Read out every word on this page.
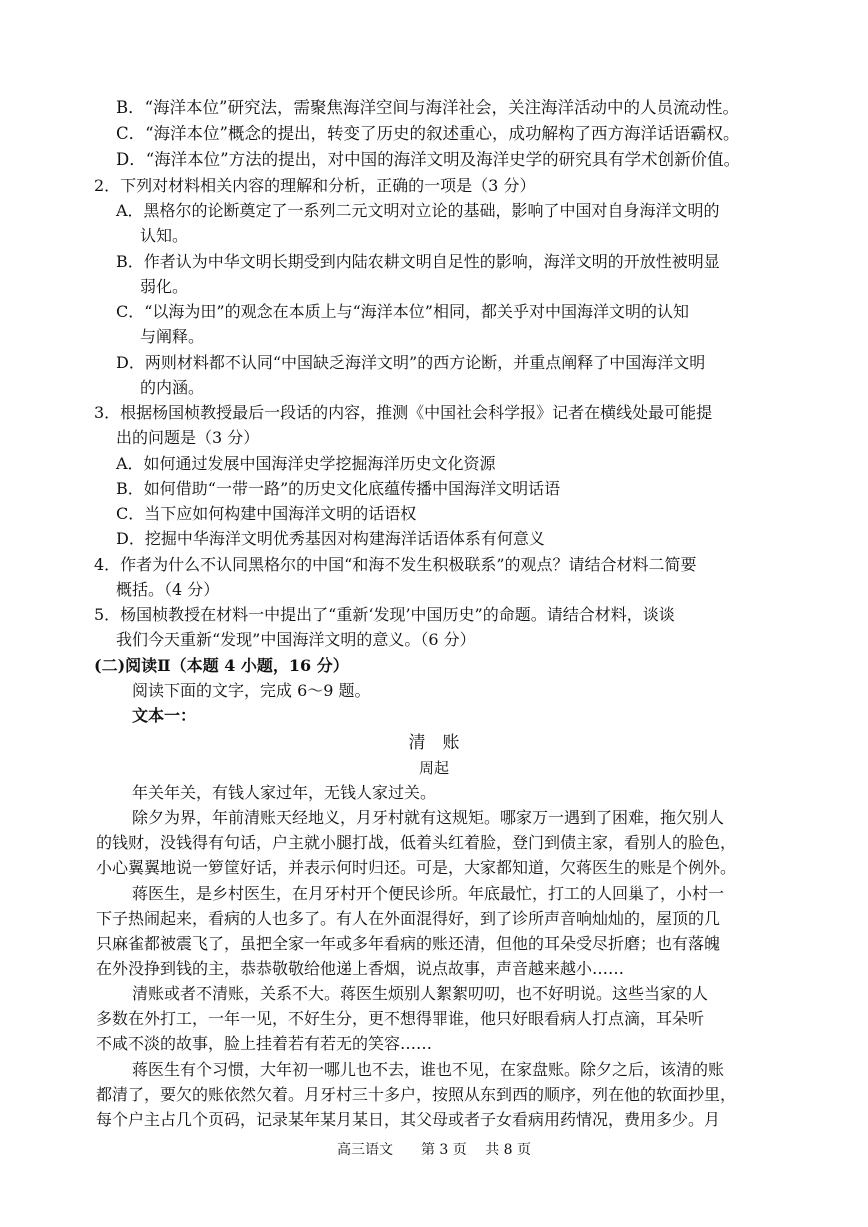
B．“海洋本位”研究法，需聚焦海洋空间与海洋社会，关注海洋活动中的人员流动性。
C．“海洋本位”概念的提出，转变了历史的叙述重心，成功解构了西方海洋话语霸权。
D．“海洋本位”方法的提出，对中国的海洋文明及海洋史学的研究具有学术创新价值。
2．下列对材料相关内容的理解和分析，正确的一项是（3 分）
A．黑格尔的论断奠定了一系列二元文明对立论的基础，影响了中国对自身海洋文明的
认知。
B．作者认为中华文明长期受到内陆农耕文明自足性的影响，海洋文明的开放性被明显
弱化。
C．“以海为田”的观念在本质上与“海洋本位”相同，都关乎对中国海洋文明的认知
与阐释。
D．两则材料都不认同“中国缺乏海洋文明”的西方论断，并重点阐释了中国海洋文明
的内涵。
3．根据杨国桢教授最后一段话的内容，推测《中国社会科学报》记者在横线处最可能提
出的问题是（3 分）
A．如何通过发展中国海洋史学挖掘海洋历史文化资源
B．如何借助“一带一路”的历史文化底蕴传播中国海洋文明话语
C．当下应如何构建中国海洋文明的话语权
D．挖掘中华海洋文明优秀基因对构建海洋话语体系有何意义
4．作者为什么不认同黑格尔的中国“和海不发生积极联系”的观点？请结合材料二简要
概括。（4 分）
5．杨国桢教授在材料一中提出了“重新‘发现’中国历史”的命题。请结合材料，谈谈
我们今天重新“发现”中国海洋文明的意义。（6 分）
(二)阅读Ⅱ（本题 4 小题，16 分）
阅读下面的文字，完成 6～9 题。
文本一：
清　账
周起
年关年关，有钱人家过年，无钱人家过关。
除夕为界，年前清账天经地义，月牙村就有这规矩。哪家万一遇到了困难，拖欠别人
的钱财，没钱得有句话，户主就小腿打战，低着头红着脸，登门到债主家，看别人的脸色，
小心翼翼地说一箩筐好话，并表示何时归还。可是，大家都知道，欠蒋医生的账是个例外。
蒋医生，是乡村医生，在月牙村开个便民诊所。年底最忙，打工的人回巢了，小村一
下子热闹起来，看病的人也多了。有人在外面混得好，到了诊所声音响灿灿的，屋顶的几
只麻雀都被震飞了，虽把全家一年或多年看病的账还清，但他的耳朵受尽折磨；也有落魄
在外没挣到钱的主，恭恭敬敬给他递上香烟，说点故事，声音越来越小……
清账或者不清账，关系不大。蒋医生烦别人絮絮叨叨，也不好明说。这些当家的人
多数在外打工，一年一见，不好生分，更不想得罪谁，他只好眼看病人打点滴，耳朵听
不咸不淡的故事，脸上挂着若有若无的笑容……
蒋医生有个习惯，大年初一哪儿也不去，谁也不见，在家盘账。除夕之后，该清的账
都清了，要欠的账依然欠着。月牙村三十多户，按照从东到西的顺序，列在他的软面抄里，
每个户主占几个页码，记录某年某月某日，其父母或者子女看病用药情况，费用多少。月
高三语文　　第 3 页　 共 8 页
